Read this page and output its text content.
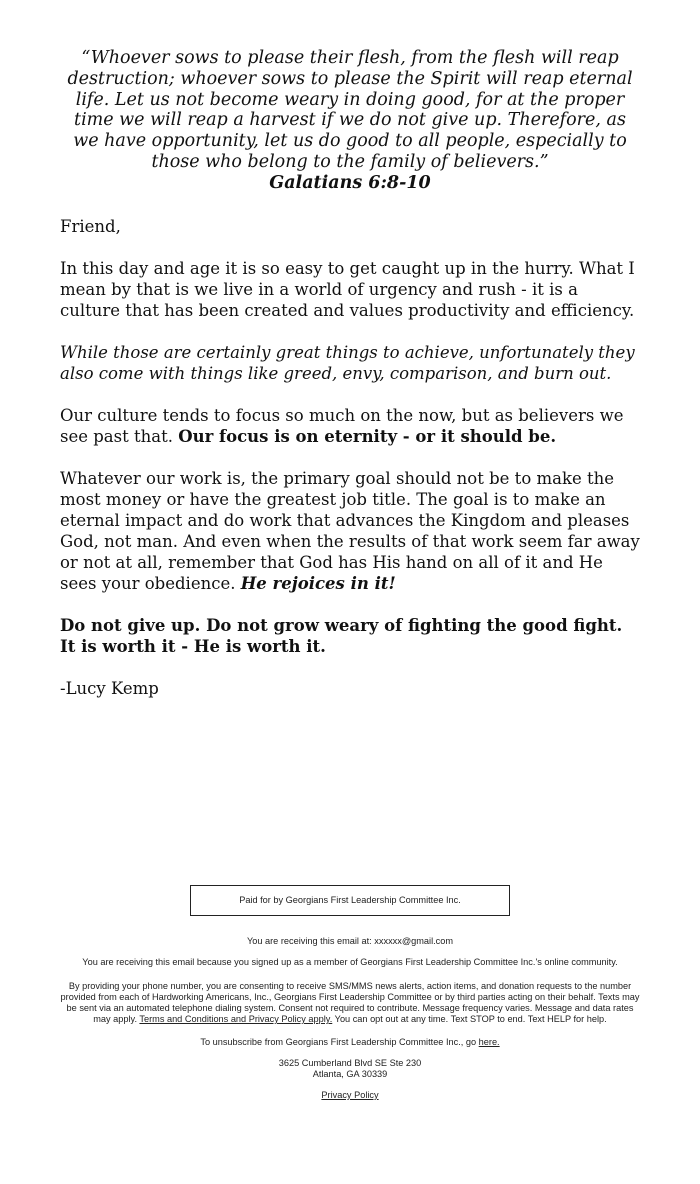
“Whoever sows to please their flesh, from the flesh will reap destruction; whoever sows to please the Spirit will reap eternal life. Let us not become weary in doing good, for at the proper time we will reap a harvest if we do not give up. Therefore, as we have opportunity, let us do good to all people, especially to those who belong to the family of believers.”

Galatians 6:8-10

Friend,

In this day and age it is so easy to get caught up in the hurry. What I mean by that is we live in a world of urgency and rush - it is a culture that has been created and values productivity and efficiency.

While those are certainly great things to achieve, unfortunately they also come with things like greed, envy, comparison, and burn out.

Our culture tends to focus so much on the now, but as believers we see past that. Our focus is on eternity - or it should be.

Whatever our work is, the primary goal should not be to make the most money or have the greatest job title. The goal is to make an eternal impact and do work that advances the Kingdom and pleases God, not man. And even when the results of that work seem far away or not at all, remember that God has His hand on all of it and He sees your obedience. He rejoices in it!

Do not give up. Do not grow weary of fighting the good fight. It is worth it - He is worth it.

-Lucy Kemp

Paid for by Georgians First Leadership Committee Inc.

You are receiving this email at: xxxxxx@gmail.com

You are receiving this email because you signed up as a member of Georgians First Leadership Committee Inc.'s online community.

By providing your phone number, you are consenting to receive SMS/MMS news alerts, action items, and donation requests to the number provided from each of Hardworking Americans, Inc., Georgians First Leadership Committee or by third parties acting on their behalf. Texts may be sent via an automated telephone dialing system. Consent not required to contribute. Message frequency varies. Message and data rates may apply. Terms and Conditions and Privacy Policy apply. You can opt out at any time. Text STOP to end. Text HELP for help.

To unsubscribe from Georgians First Leadership Committee Inc., go here.

3625 Cumberland Blvd SE Ste 230

Atlanta, GA 30339

Privacy Policy
